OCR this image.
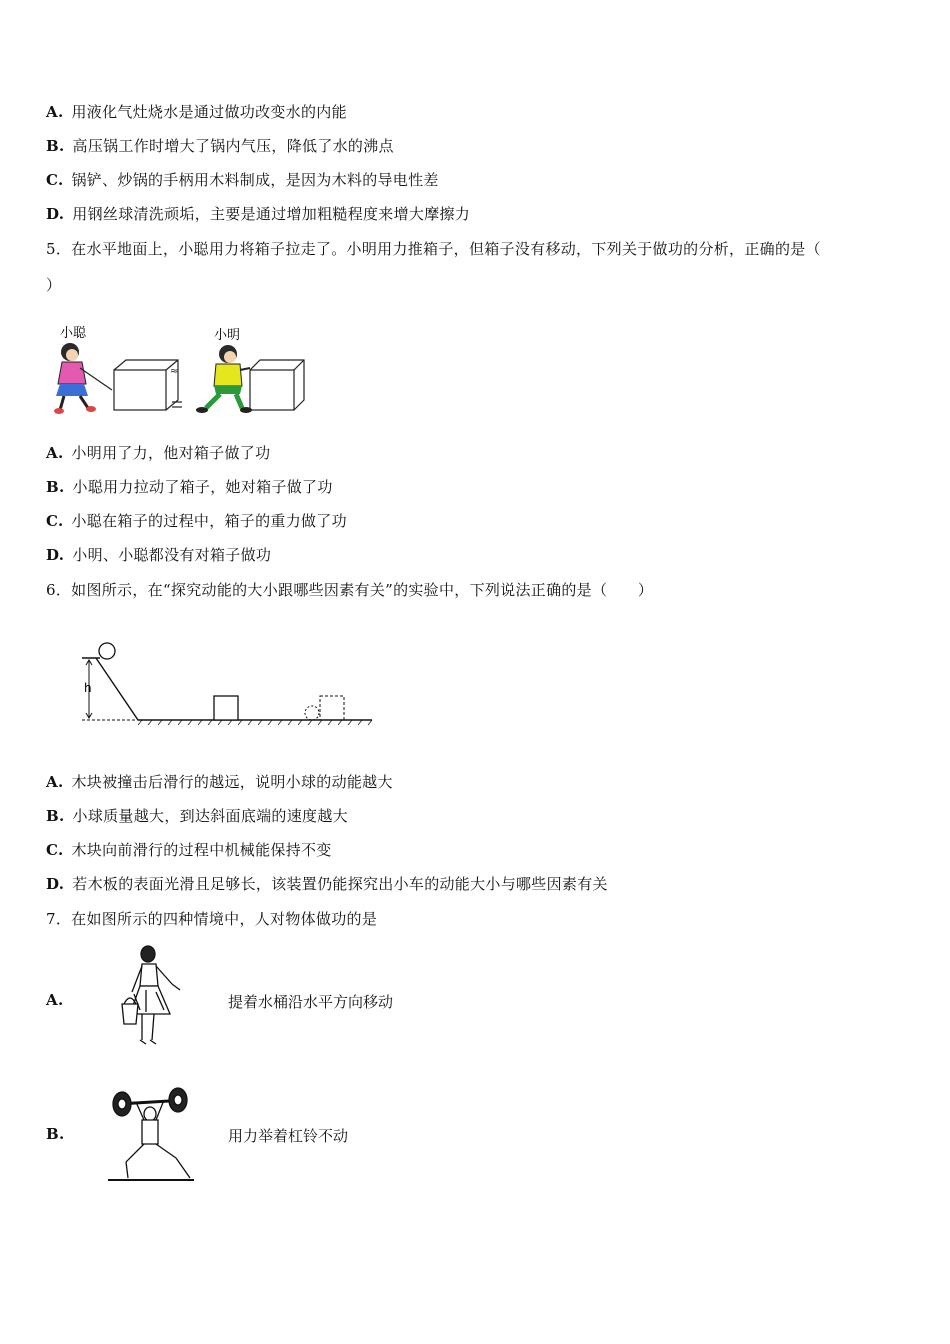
A. 用液化气灶烧水是通过做功改变水的内能
B. 高压锅工作时增大了锅内气压，降低了水的沸点
C. 锅铲、炒锅的手柄用木料制成，是因为木料的导电性差
D. 用钢丝球清洗顽垢，主要是通过增加粗糙程度来增大摩擦力
5．在水平地面上，小聪用力将箱子拉走了。小明用力推箱子，但箱子没有移动，下列关于做功的分析，正确的是（
）
小聪	小明
≈
A. 小明用了力，他对箱子做了功
B. 小聪用力拉动了箱子，她对箱子做了功
C. 小聪在箱子的过程中，箱子的重力做了功
D. 小明、小聪都没有对箱子做功
6．如图所示，在“探究动能的大小跟哪些因素有关”的实验中，下列说法正确的是（　　）
h
A. 木块被撞击后滑行的越远，说明小球的动能越大
B. 小球质量越大，到达斜面底端的速度越大
C. 木块向前滑行的过程中机械能保持不变
D. 若木板的表面光滑且足够长，该装置仍能探究出小车的动能大小与哪些因素有关
7．在如图所示的四种情境中，人对物体做功的是
A.	提着水桶沿水平方向移动
B.	用力举着杠铃不动
